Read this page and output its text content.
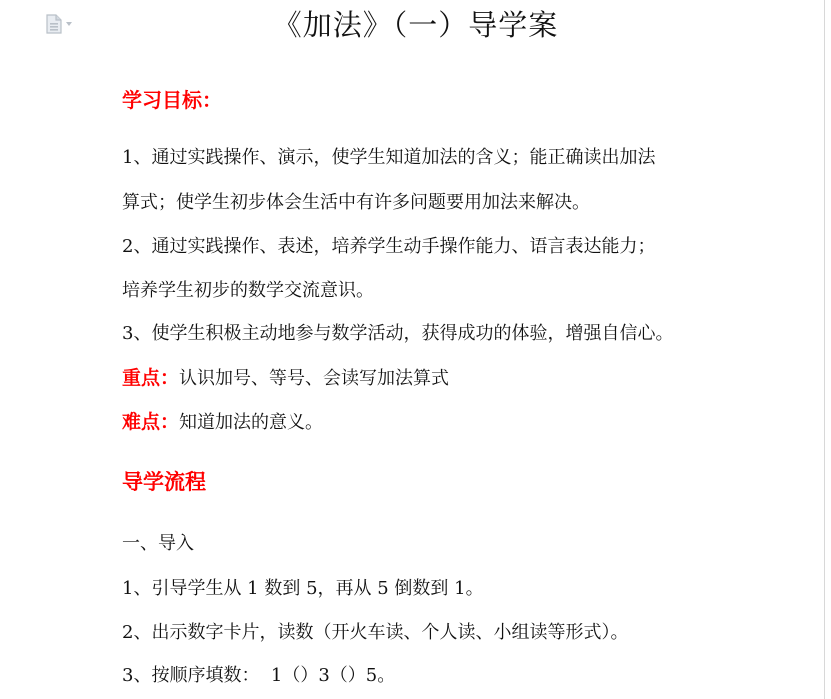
《加法》（一）导学案
学习目标：
1、通过实践操作、演示，使学生知道加法的含义；能正确读出加法
算式；使学生初步体会生活中有许多问题要用加法来解决。
2、通过实践操作、表述，培养学生动手操作能力、语言表达能力；
培养学生初步的数学交流意识。
3、使学生积极主动地参与数学活动，获得成功的体验，增强自信心。
重点：认识加号、等号、会读写加法算式
难点：知道加法的意义。
导学流程
一、导入
1、引导学生从 1 数到 5，再从 5 倒数到 1。
2、出示数字卡片，读数（开火车读、个人读、小组读等形式）。
3、按顺序填数：  1（）3（）5。
